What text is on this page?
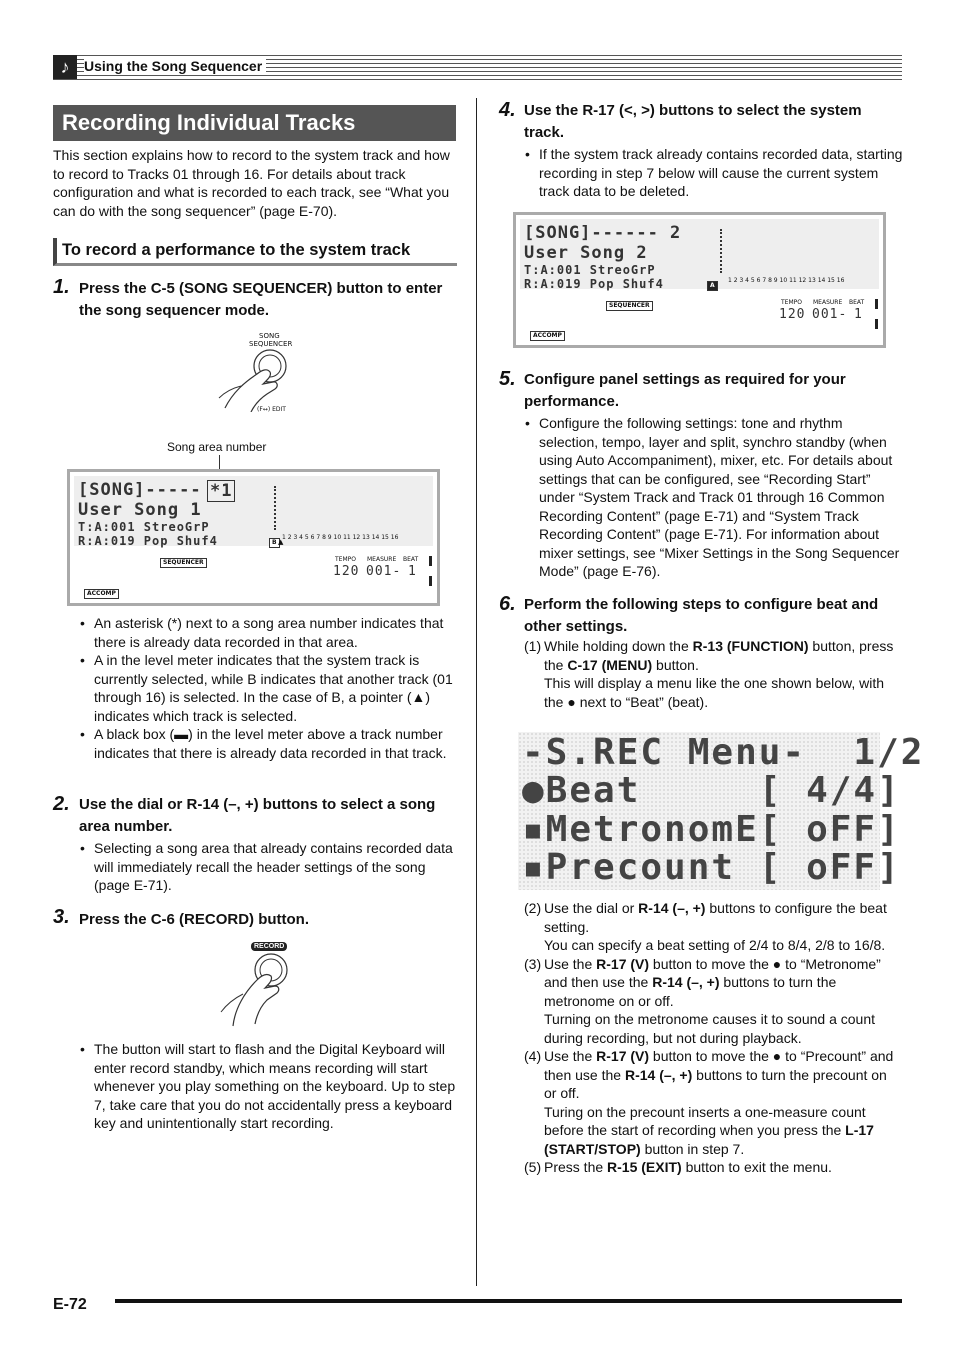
♪	Using the Song Sequencer
Recording Individual Tracks
This section explains how to record to the system track and how to record to Tracks 01 through 16. For details about track configuration and what is recorded to each track, see “What you can do with the song sequencer” (page E-70).
To record a performance to the system track
1. Press the C-5 (SONG SEQUENCER) button to enter the song sequencer mode.
SONG
SEQUENCER
(F↔) EDIT
Song area number
[SONG]----- *1
User Song 1
T:A:001 StreoGrP
R:A:019 Pop Shuf4	1 2 3 4 5 6 7 8 9 10 11 12 13 14 15 16
B ▲
SEQUENCER
ACCOMP
TEMPO MEASURE BEAT
120 001- 1
• An asterisk (*) next to a song area number indicates that there is already data recorded in that area.
• A in the level meter indicates that the system track is currently selected, while B indicates that another track (01 through 16) is selected. In the case of B, a pointer (▲) indicates which track is selected.
• A black box (▬) in the level meter above a track number indicates that there is already data recorded in that track.
2. Use the dial or R-14 (–, +) buttons to select a song area number.
• Selecting a song area that already contains recorded data will immediately recall the header settings of the song (page E-71).
3. Press the C-6 (RECORD) button.
RECORD
• The button will start to flash and the Digital Keyboard will enter record standby, which means recording will start whenever you play something on the keyboard. Up to step 7, take care that you do not accidentally press a keyboard key and unintentionally start recording.
4. Use the R-17 (<, >) buttons to select the system track.
• If the system track already contains recorded data, starting recording in step 7 below will cause the current system track data to be deleted.
[SONG]------ 2
User Song 2
T:A:001 StreoGrP
R:A:019 Pop Shuf4	1 2 3 4 5 6 7 8 9 10 11 12 13 14 15 16
A
SEQUENCER
ACCOMP
TEMPO MEASURE BEAT
120 001- 1
5. Configure panel settings as required for your performance.
• Configure the following settings: tone and rhythm selection, tempo, layer and split, synchro standby (when using Auto Accompaniment), mixer, etc. For details about settings that can be configured, see “Recording Start” under “System Track and Track 01 through 16 Common Recording Content” (page E-71) and “System Track Recording Content” (page E-71). For information about mixer settings, see “Mixer Settings in the Song Sequencer Mode” (page E-76).
6. Perform the following steps to configure beat and other settings.
(1) While holding down the R-13 (FUNCTION) button, press the C-17 (MENU) button.
This will display a menu like the one shown below, with the ● next to “Beat” (beat).
-S.REC Menu-  1/2
●Beat     [ 4/4]
▪MetronomE[ oFF]
▪Precount [ oFF]
(2) Use the dial or R-14 (–, +) buttons to configure the beat setting.
You can specify a beat setting of 2/4 to 8/4, 2/8 to 16/8.
(3) Use the R-17 (V) button to move the ● to “Metronome” and then use the R-14 (–, +) buttons to turn the metronome on or off.
Turning on the metronome causes it to sound a count during recording, but not during playback.
(4) Use the R-17 (V) button to move the ● to “Precount” and then use the R-14 (–, +) buttons to turn the precount on or off.
Turing on the precount inserts a one-measure count before the start of recording when you press the L-17 (START/STOP) button in step 7.
(5) Press the R-15 (EXIT) button to exit the menu.
E-72
